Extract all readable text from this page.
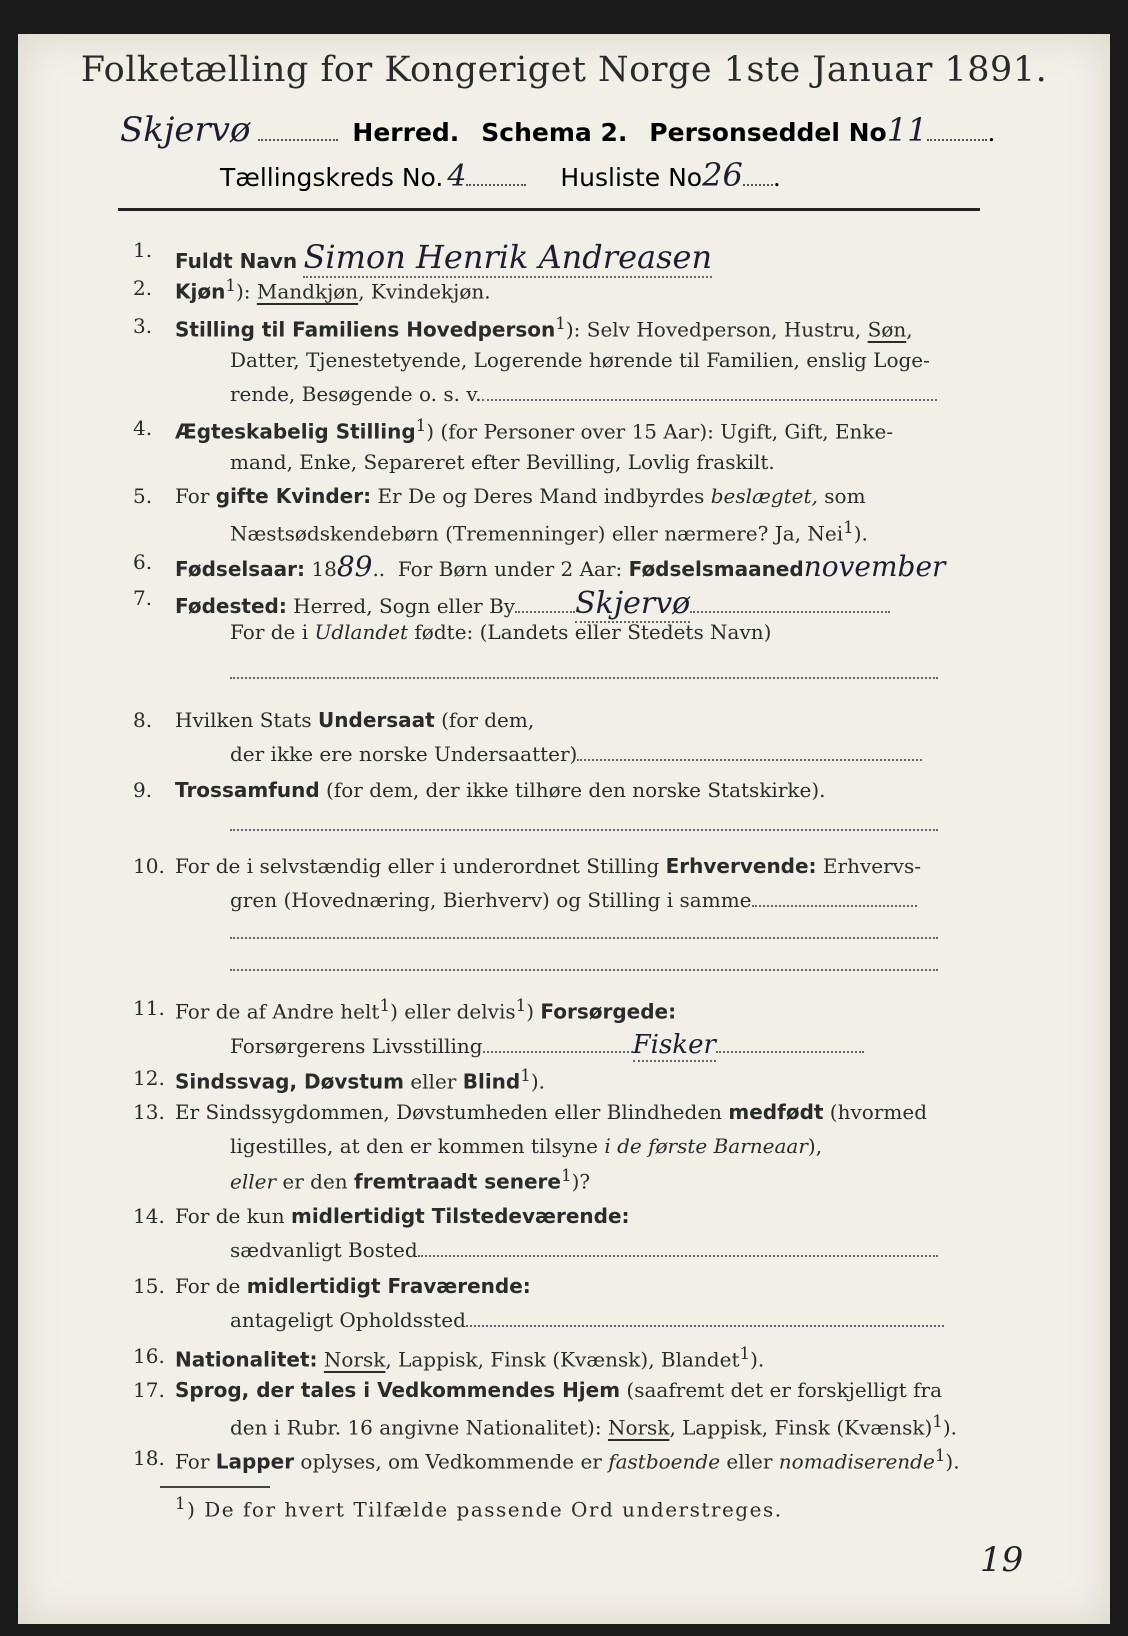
Folketælling for Kongeriget Norge 1ste Januar 1891.
Skjervø	Herred. Schema 2. Personseddel No11 .
Tællingskreds No. 4	Husliste No26 .
1.	Fuldt Navn Simon Henrik Andreasen
2.	Kjøn$^1$): Mandkjøn, Kvindekjøn.
3.	Stilling til Familiens Hovedperson$^1$): Selv Hovedperson, Hustru, Søn,
Datter, Tjenestetyende, Logerende hørende til Familien, enslig Loge-
rende, Besøgende o. s. v.
4.	Ægteskabelig Stilling$^1$) (for Personer over 15 Aar): Ugift, Gift, Enke-
mand, Enke, Separeret efter Bevilling, Lovlig fraskilt.
5.	For gifte Kvinder: Er De og Deres Mand indbyrdes beslægtet, som
Næstsødskendebørn (Tremenninger) eller nærmere? Ja, Nei$^1$).
6.	Fødselsaar: 1889..  For Børn under 2 Aar: Fødselsmaanednovember
7.	Fødested: Herred, Sogn eller By Skjervø
For de i Udlandet fødte: (Landets eller Stedets Navn)
8.	Hvilken Stats Undersaat (for dem,
der ikke ere norske Undersaatter)
9.	Trossamfund (for dem, der ikke tilhøre den norske Statskirke).
10. For de i selvstændig eller i underordnet Stilling Erhvervende: Erhvervs-
gren (Hovednæring, Bierhverv) og Stilling i samme
11. For de af Andre helt$^1$) eller delvis$^1$) Forsørgede:
Forsørgerens Livsstilling	Fisker
12. Sindssvag, Døvstum eller Blind$^1$).
13. Er Sindssygdommen, Døvstumheden eller Blindheden medfødt (hvormed
ligestilles, at den er kommen tilsyne i de første Barneaar),
eller er den fremtraadt senere$^1$)?
14. For de kun midlertidigt Tilstedeværende:
sædvanligt Bosted
15. For de midlertidigt Fraværende:
antageligt Opholdssted
16. Nationalitet: Norsk, Lappisk, Finsk (Kvænsk), Blandet$^1$).
17. Sprog, der tales i Vedkommendes Hjem (saafremt det er forskjelligt fra
den i Rubr. 16 angivne Nationalitet): Norsk, Lappisk, Finsk (Kvænsk)$^1$).
18. For Lapper oplyses, om Vedkommende er fastboende eller nomadiserende$^1$).
$^1$) De for hvert Tilfælde passende Ord understreges.
19
